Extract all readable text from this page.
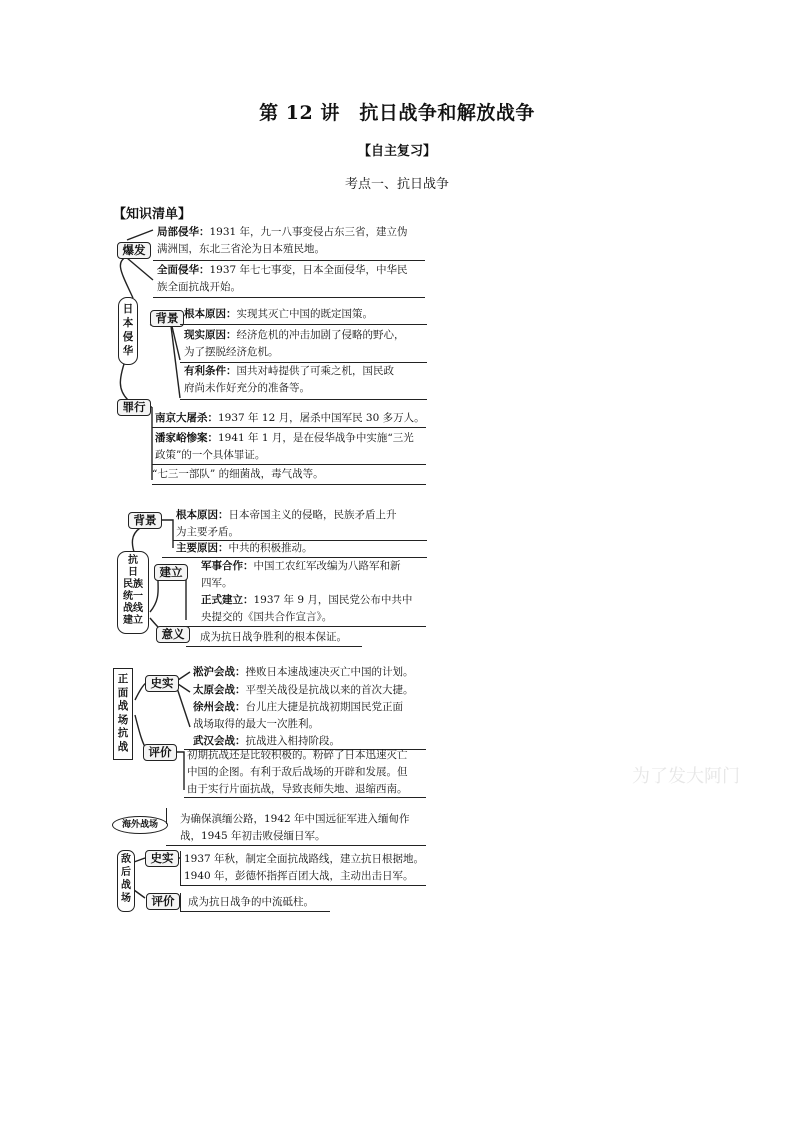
第 12 讲　抗日战争和解放战争
【自主复习】
考点一、抗日战争
【知识清单】
日
本
侵
华
爆发
背景
罪行
局部侵华：1931 年，九一八事变侵占东三省，建立伪
满洲国，东北三省沦为日本殖民地。
全面侵华：1937 年七七事变，日本全面侵华，中华民
族全面抗战开始。
根本原因：实现其灭亡中国的既定国策。
现实原因：经济危机的冲击加剧了侵略的野心，
为了摆脱经济危机。
有利条件：国共对峙提供了可乘之机，国民政
府尚未作好充分的准备等。
南京大屠杀：1937 年 12 月，屠杀中国军民 30 多万人。
潘家峪惨案：1941 年 1 月，是在侵华战争中实施“三光
政策”的一个具体罪证。
“七三一部队” 的细菌战，毒气战等。
抗
日
民族
统一
战线
建立
背景
建立
意义
根本原因：日本帝国主义的侵略，民族矛盾上升
为主要矛盾。
主要原因：中共的积极推动。
军事合作：中国工农红军改编为八路军和新
四军。
正式建立：1937 年 9 月，国民党公布中共中
央提交的《国共合作宣言》。
成为抗日战争胜利的根本保证。
正
面
战
场
抗
战
史实
评价
淞沪会战：挫败日本速战速决灭亡中国的计划。
太原会战：平型关战役是抗战以来的首次大捷。
徐州会战：台儿庄大捷是抗战初期国民党正面
战场取得的最大一次胜利。
武汉会战：抗战进入相持阶段。
初期抗战还是比较积极的。粉碎了日本迅速灭亡
中国的企图。有利于敌后战场的开辟和发展。但
由于实行片面抗战，导致丧师失地、退缩西南。
海外战场	为确保滇缅公路，1942 年中国远征军进入缅甸作
战，1945 年初击败侵缅日军。
敌
后
战
场
史实
评价
1937 年秋，制定全面抗战路线，建立抗日根据地。
1940 年，彭德怀指挥百团大战，主动出击日军。
成为抗日战争的中流砥柱。
为了发大阿门
